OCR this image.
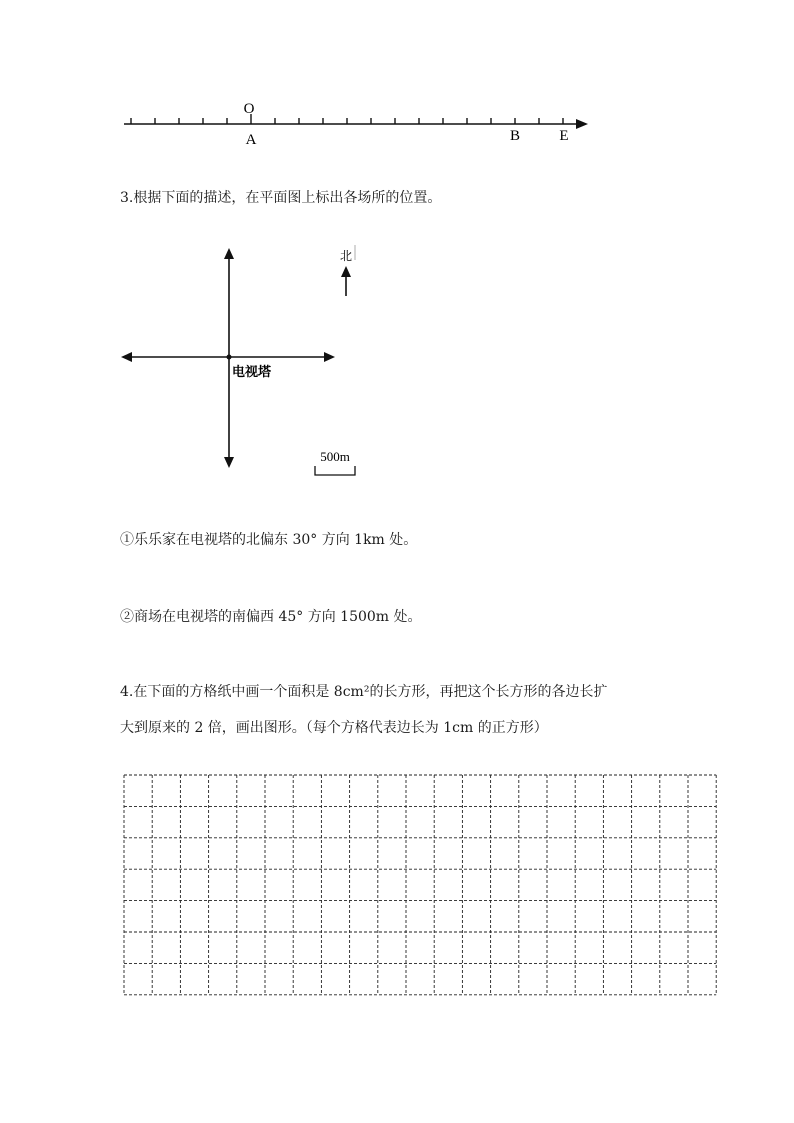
O
A	B	E
3.根据下面的描述，在平面图上标出各场所的位置。
电视塔
北
500m
①乐乐家在电视塔的北偏东 30° 方向 1km 处。
②商场在电视塔的南偏西 45° 方向 1500m 处。
4.在下面的方格纸中画一个面积是 8cm²的长方形，再把这个长方形的各边长扩
大到原来的 2 倍，画出图形。（每个方格代表边长为 1cm 的正方形）
